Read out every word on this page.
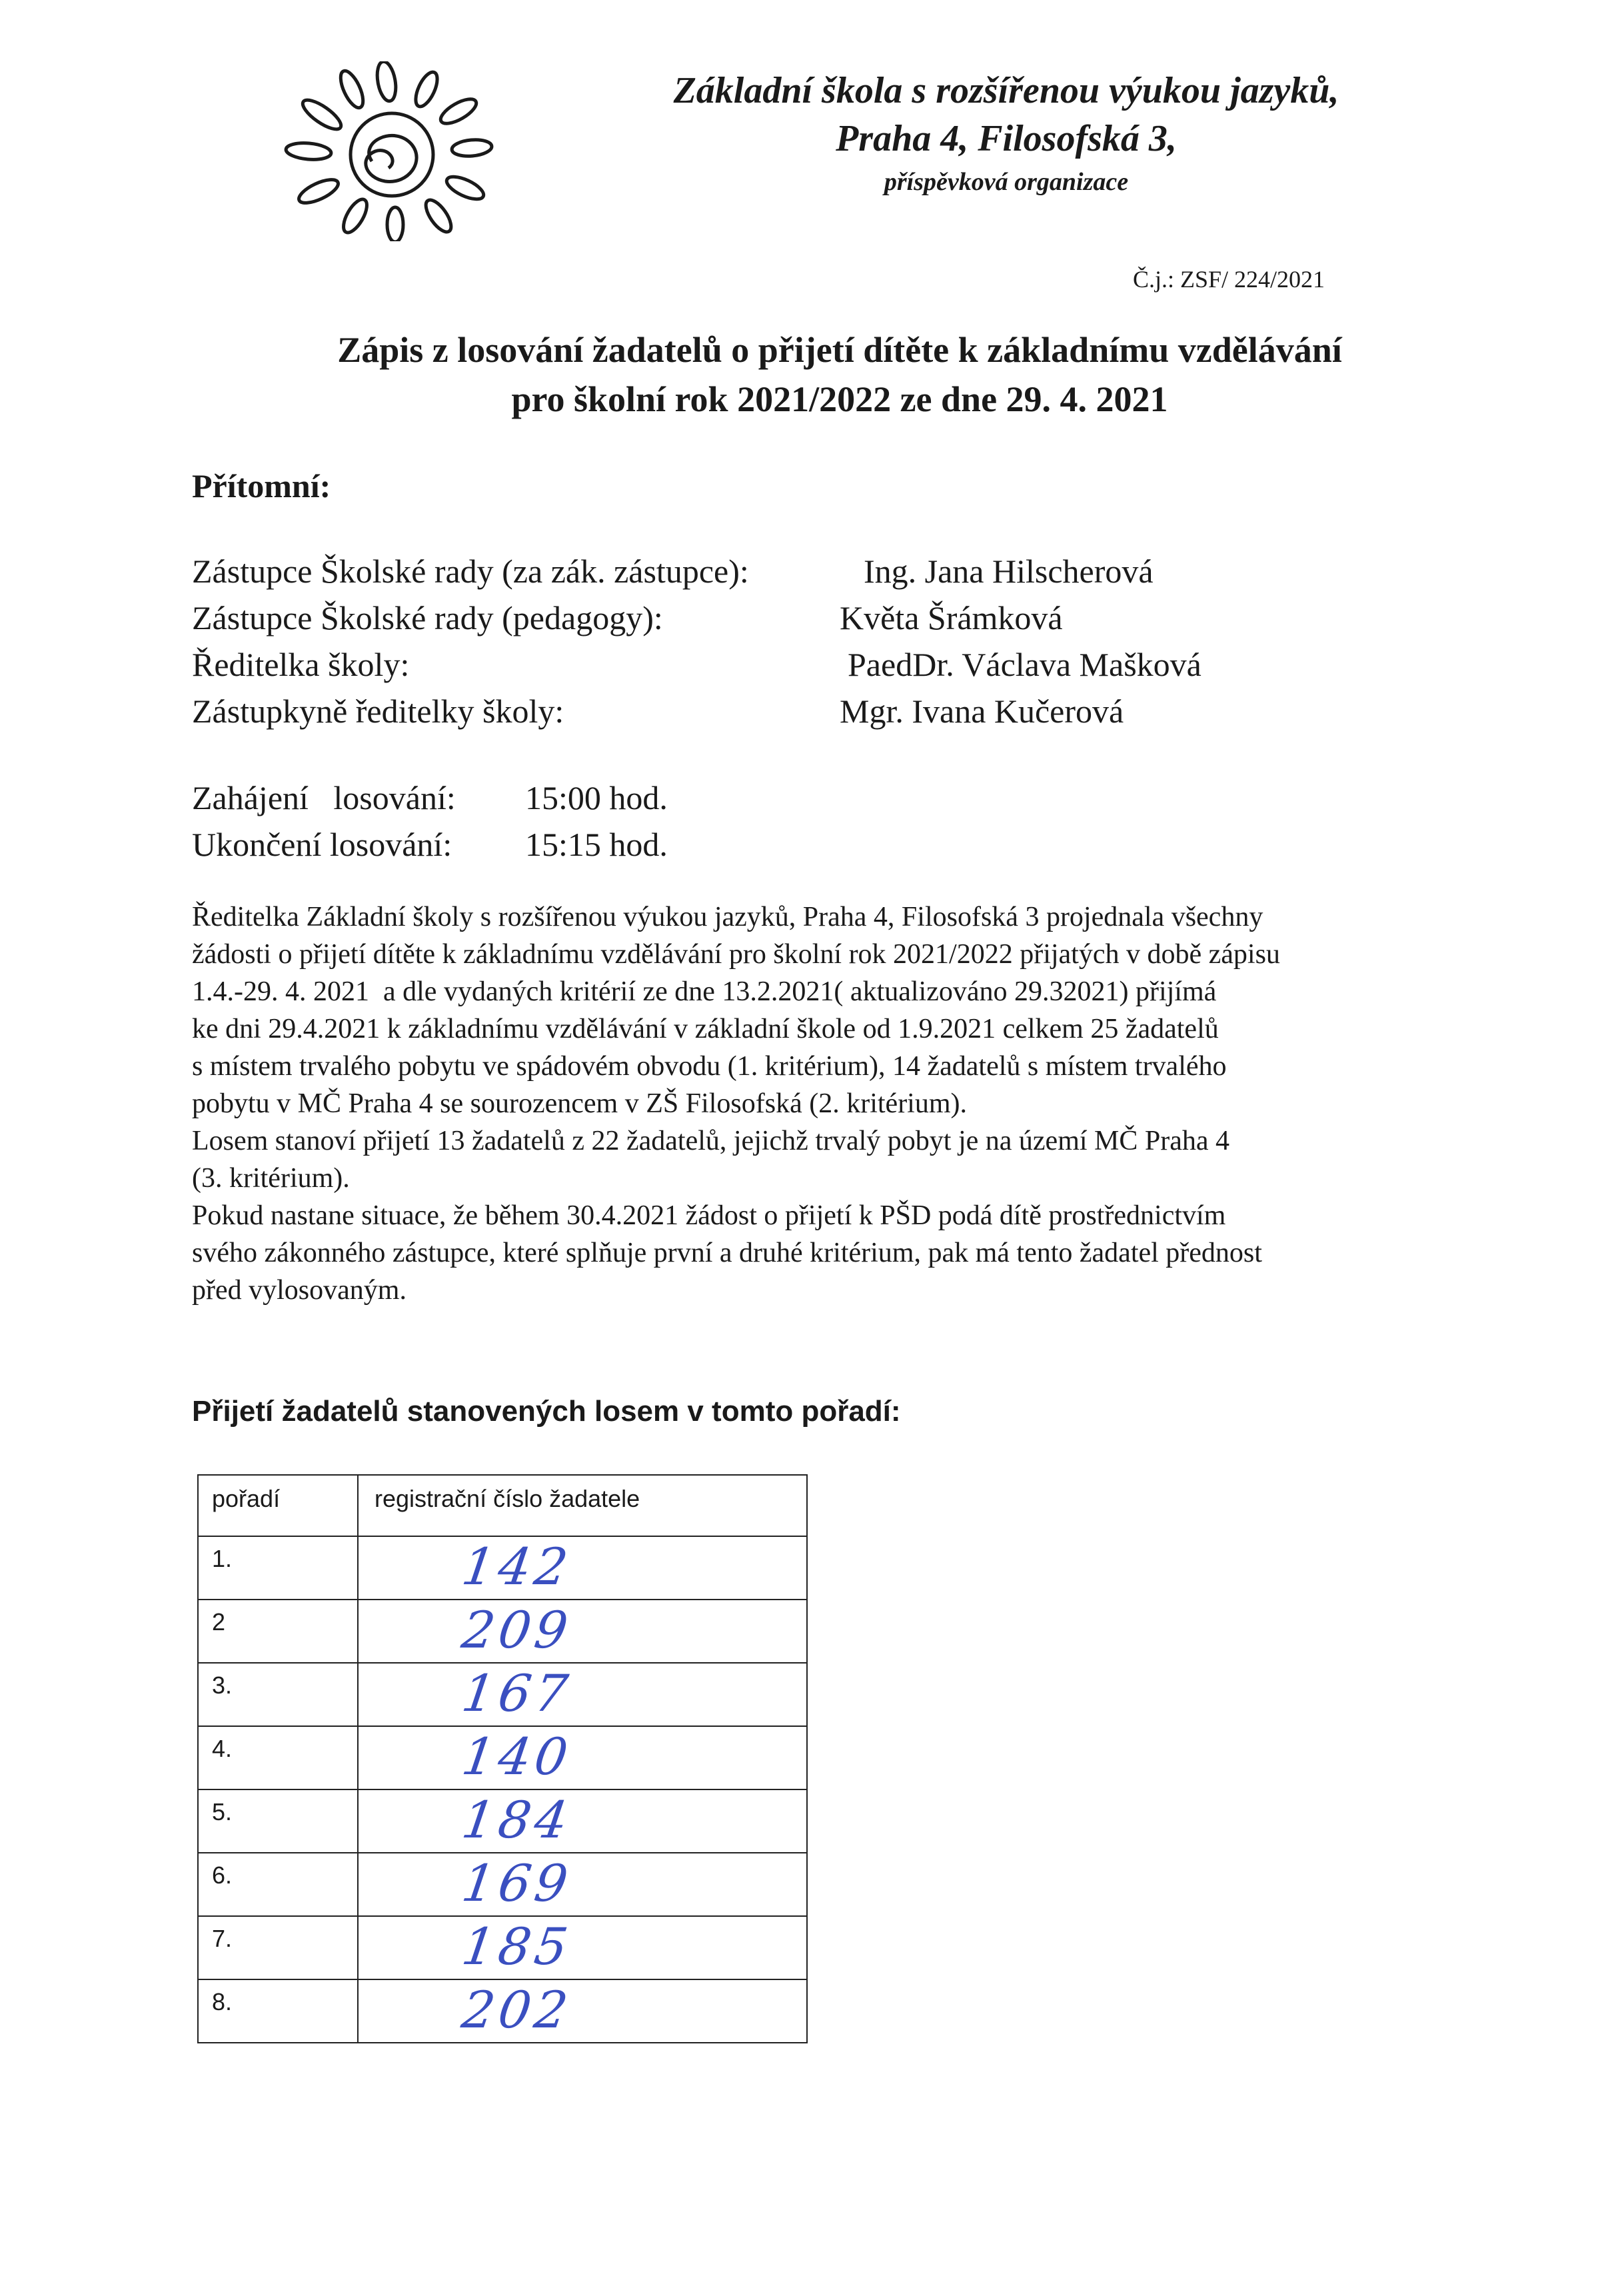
Základní škola s rozšířenou výukou jazyků,
Praha 4, Filosofská 3,
příspěvková organizace
Č.j.: ZSF/ 224/2021
Zápis z losování žadatelů o přijetí dítěte k základnímu vzdělávání
pro školní rok 2021/2022 ze dne 29. 4. 2021
Přítomní:
Zástupce Školské rady (za zák. zástupce):	Ing. Jana Hilscherová
Zástupce Školské rady (pedagogy):	Květa Šrámková
Ředitelka školy:	PaedDr. Václava Mašková
Zástupkyně ředitelky školy:	Mgr. Ivana Kučerová
Zahájení   losování: 15:00 hod.
Ukončení losování: 15:15 hod.
Ředitelka Základní školy s rozšířenou výukou jazyků, Praha 4, Filosofská 3 projednala všechny
žádosti o přijetí dítěte k základnímu vzdělávání pro školní rok 2021/2022 přijatých v době zápisu
1.4.-29. 4. 2021  a dle vydaných kritérií ze dne 13.2.2021( aktualizováno 29.32021) přijímá
ke dni 29.4.2021 k základnímu vzdělávání v základní škole od 1.9.2021 celkem 25 žadatelů
s místem trvalého pobytu ve spádovém obvodu (1. kritérium), 14 žadatelů s místem trvalého
pobytu v MČ Praha 4 se sourozencem v ZŠ Filosofská (2. kritérium).
Losem stanoví přijetí 13 žadatelů z 22 žadatelů, jejichž trvalý pobyt je na území MČ Praha 4
(3. kritérium).
Pokud nastane situace, že během 30.4.2021 žádost o přijetí k PŠD podá dítě prostřednictvím
svého zákonného zástupce, které splňuje první a druhé kritérium, pak má tento žadatel přednost
před vylosovaným.
Přijetí žadatelů stanovených losem v tomto pořadí:
pořadí	registrační číslo žadatele
1.	142
2	209
3.	167
4.	140
5.	184
6.	169
7.	185
8.	202
